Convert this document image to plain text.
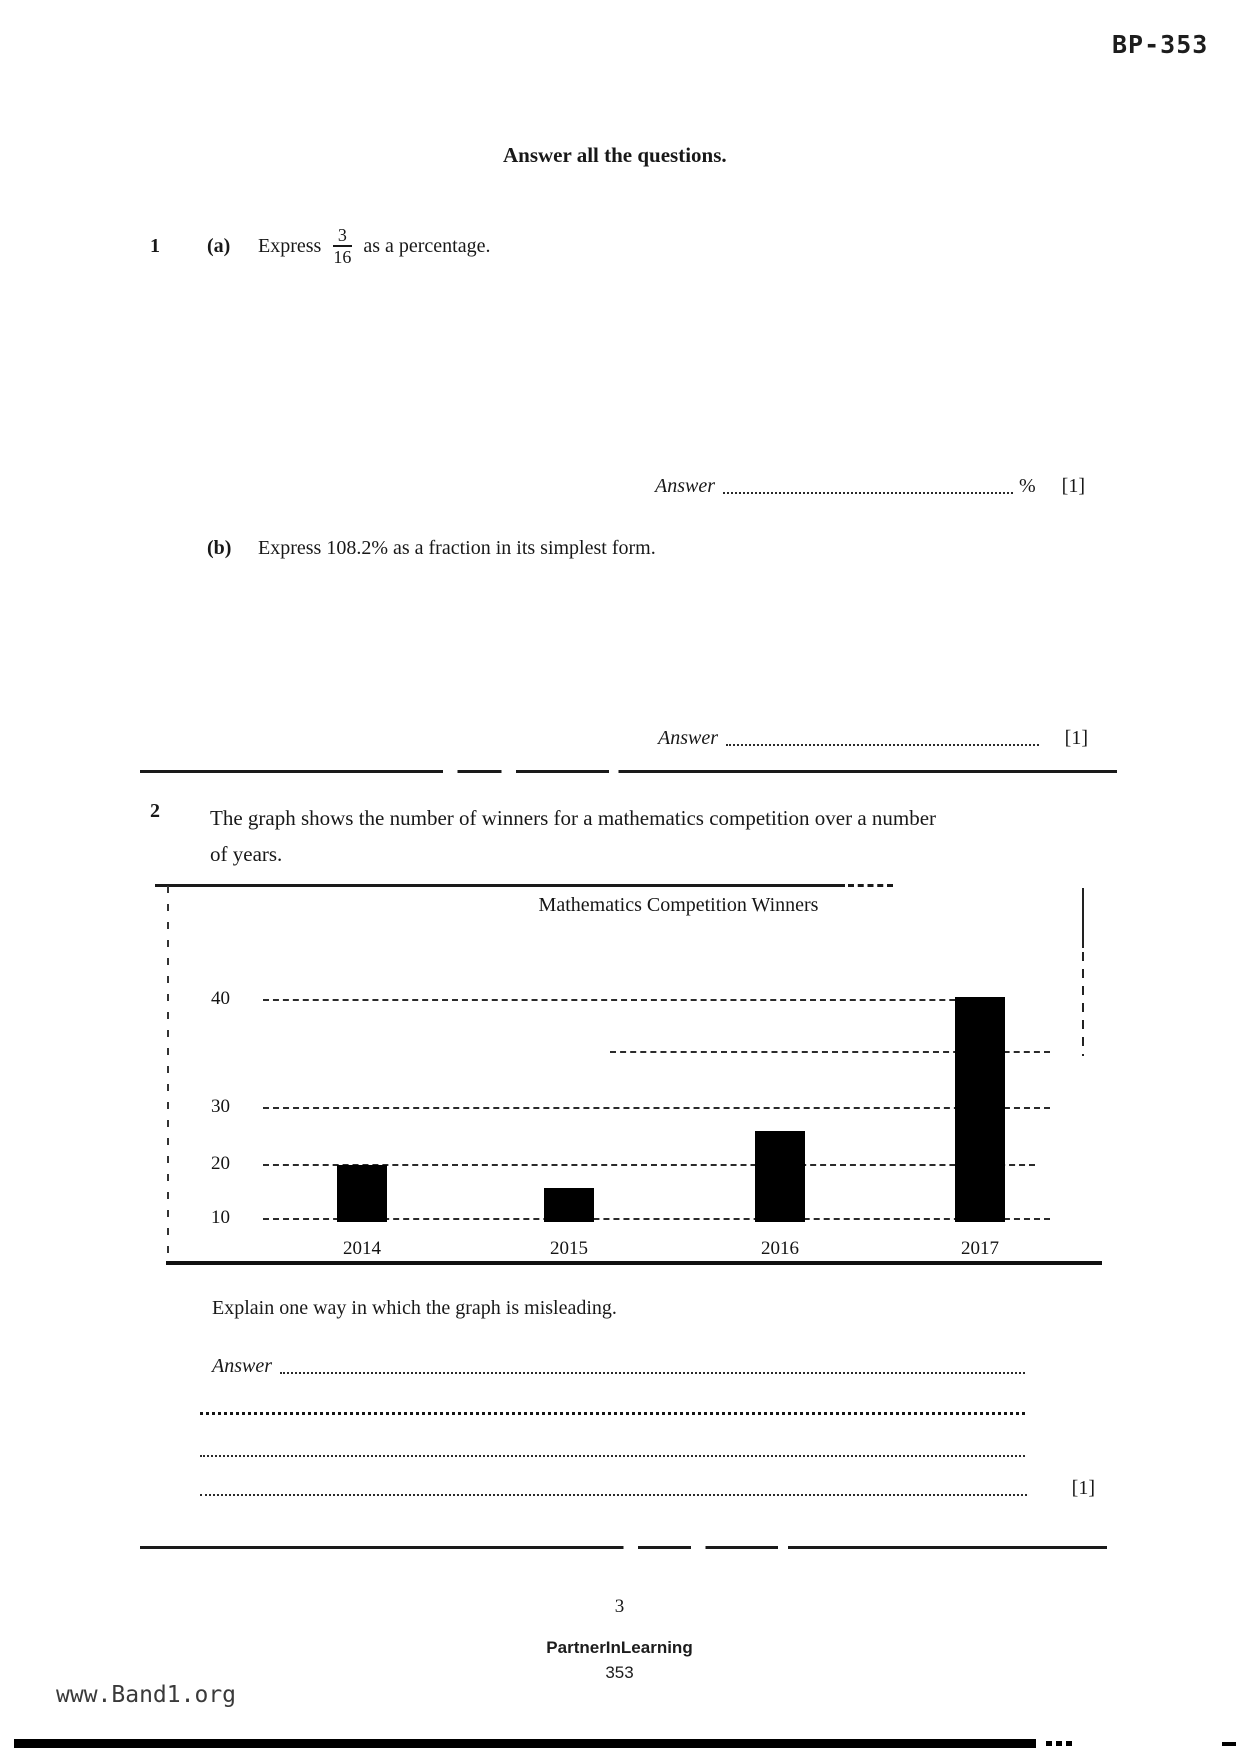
BP-353
Answer all the questions.
1	(a)	Express $\frac{3}{16}$ as a percentage.
Answer	% [1]
(b)	Express 108.2% as a fraction in its simplest form.
Answer	[1]
2	The graph shows the number of winners for a mathematics competition over a number
of years.
Mathematics Competition Winners
10
20
30
40
2014	2015	2016	2017
Explain one way in which the graph is misleading.
Answer
[1]
3
PartnerInLearning
353
www.Band1.org
